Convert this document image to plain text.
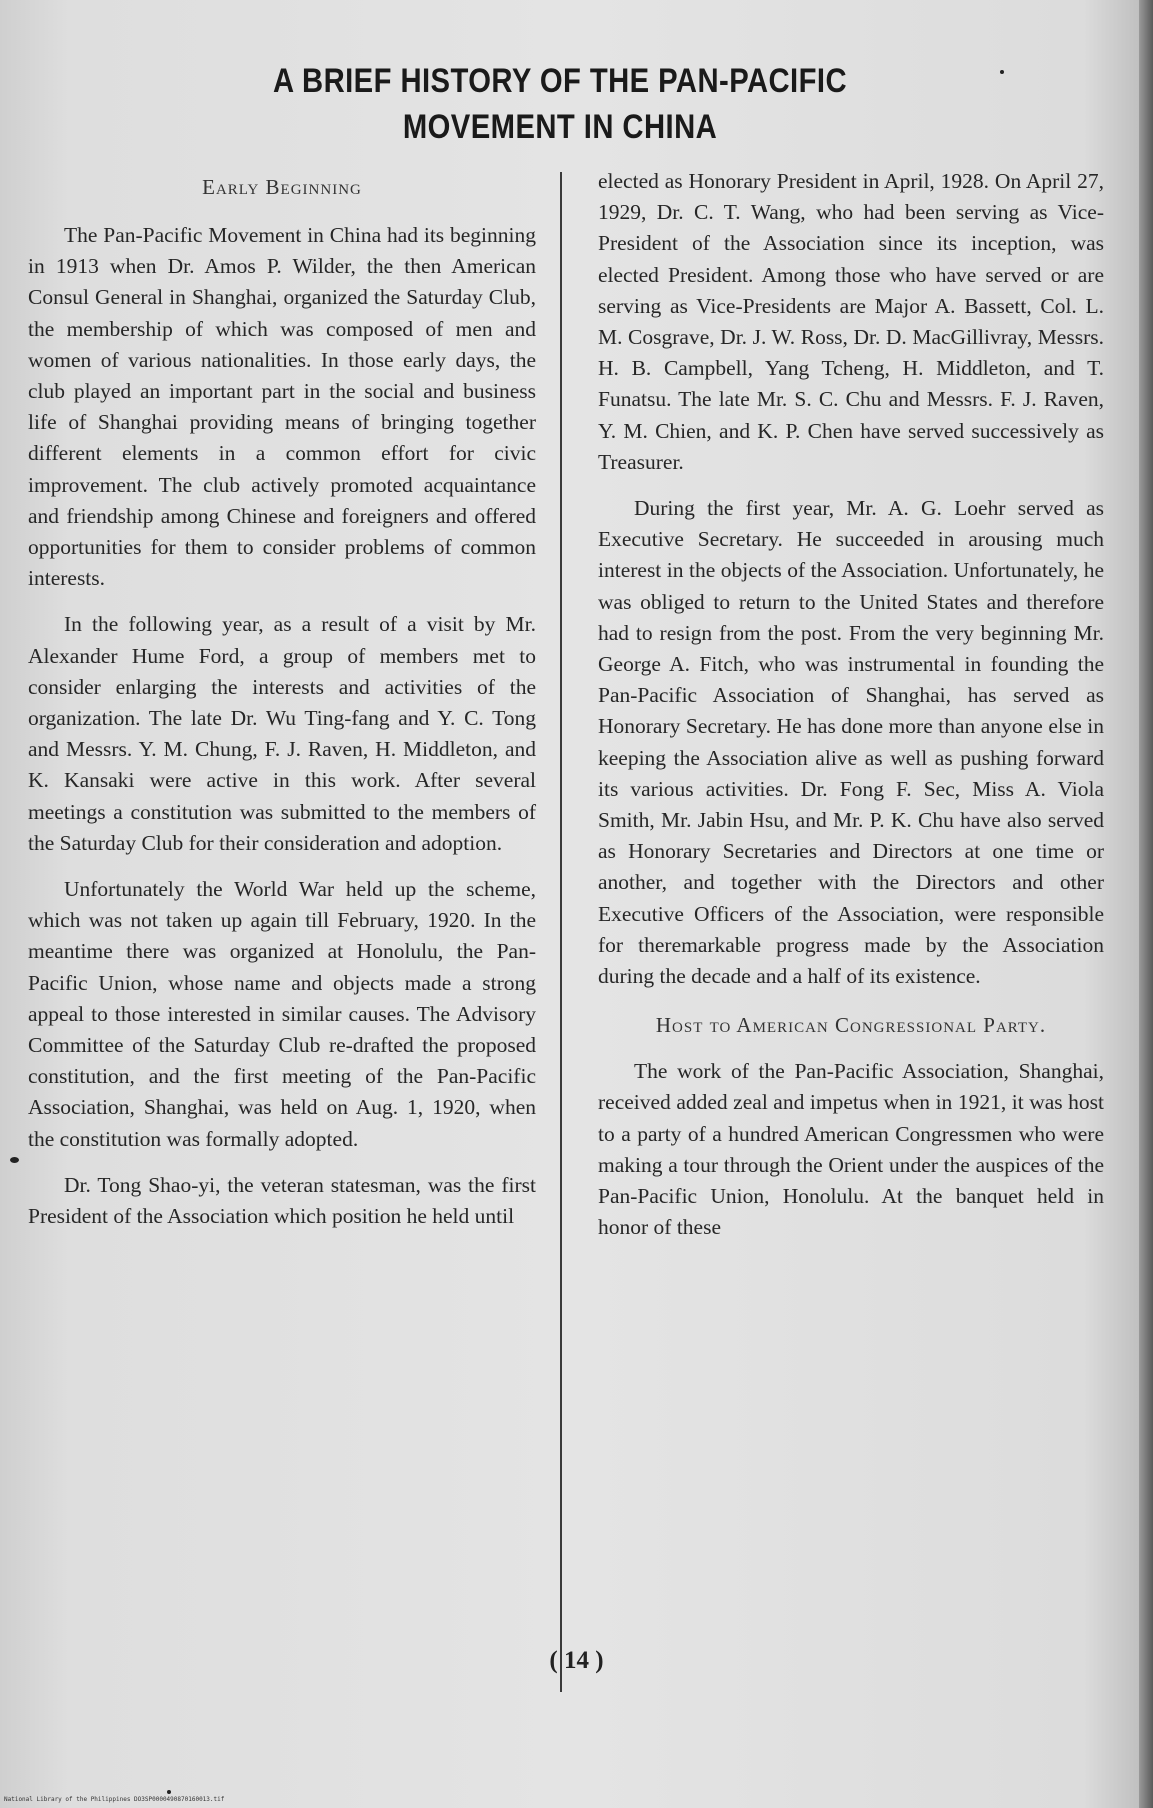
A BRIEF HISTORY OF THE PAN-PACIFIC
MOVEMENT IN CHINA
Early Beginning

The Pan-Pacific Movement in China had its beginning in 1913 when Dr. Amos P. Wilder, the then American Consul General in Shanghai, organized the Saturday Club, the membership of which was composed of men and women of various nationalities. In those early days, the club played an important part in the social and business life of Shanghai providing means of bringing together different elements in a common effort for civic improvement. The club actively promoted acquaintance and friendship among Chinese and foreigners and offered opportunities for them to consider problems of common interests.

In the following year, as a result of a visit by Mr. Alexander Hume Ford, a group of members met to consider enlarging the interests and activities of the organization. The late Dr. Wu Ting-fang and Y. C. Tong and Messrs. Y. M. Chung, F. J. Raven, H. Middleton, and K. Kansaki were active in this work. After several meetings a constitution was submitted to the members of the Saturday Club for their consideration and adoption.

Unfortunately the World War held up the scheme, which was not taken up again till February, 1920. In the meantime there was organized at Honolulu, the Pan-Pacific Union, whose name and objects made a strong appeal to those interested in similar causes. The Advisory Committee of the Saturday Club re-drafted the proposed constitution, and the first meeting of the Pan-Pacific Association, Shanghai, was held on Aug. 1, 1920, when the constitution was formally adopted.

Dr. Tong Shao-yi, the veteran statesman, was the first President of the Association which position he held until

elected as Honorary President in April, 1928. On April 27, 1929, Dr. C. T. Wang, who had been serving as Vice-President of the Association since its inception, was elected President. Among those who have served or are serving as Vice-Presidents are Major A. Bassett, Col. L. M. Cosgrave, Dr. J. W. Ross, Dr. D. MacGillivray, Messrs. H. B. Campbell, Yang Tcheng, H. Middleton, and T. Funatsu. The late Mr. S. C. Chu and Messrs. F. J. Raven, Y. M. Chien, and K. P. Chen have served successively as Treasurer.

During the first year, Mr. A. G. Loehr served as Executive Secretary. He succeeded in arousing much interest in the objects of the Association. Unfortunately, he was obliged to return to the United States and therefore had to resign from the post. From the very beginning Mr. George A. Fitch, who was instrumental in founding the Pan-Pacific Association of Shanghai, has served as Honorary Secretary. He has done more than anyone else in keeping the Association alive as well as pushing forward its various activities. Dr. Fong F. Sec, Miss A. Viola Smith, Mr. Jabin Hsu, and Mr. P. K. Chu have also served as Honorary Secretaries and Directors at one time or another, and together with the Directors and other Executive Officers of the Association, were responsible for theremarkable progress made by the Association during the decade and a half of its existence.

Host to American Congressional Party.

The work of the Pan-Pacific Association, Shanghai, received added zeal and impetus when in 1921, it was host to a party of a hundred American Congressmen who were making a tour through the Orient under the auspices of the Pan-Pacific Union, Honolulu. At the banquet held in honor of these

( 14 )
National Library of the Philippines DO3SP0000490870160013.tif
